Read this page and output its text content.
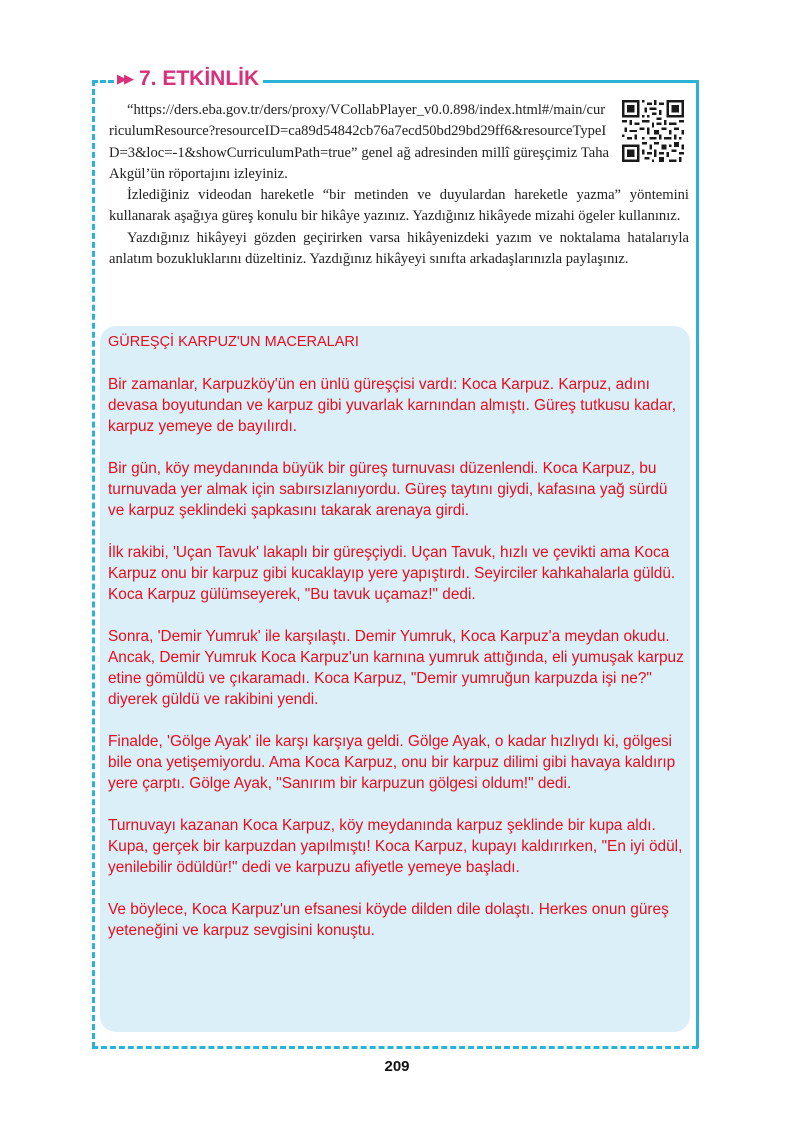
▶▶ 7. ETKİNLİK

“https://ders.eba.gov.tr/ders/proxy/VCollabPlayer_v0.0.898/index.html#/main/curriculumResource?resourceID=ca89d54842cb76a7ecd50bd29bd29ff6&resourceTypeID=3&loc=-1&showCurriculumPath=true” genel ağ adresinden millî güreşçimiz Taha Akgül’ün röportajını izleyiniz.

İzlediğiniz videodan hareketle “bir metinden ve duyulardan hareketle yazma” yöntemini kullanarak aşağıya güreş konulu bir hikâye yazınız. Yazdığınız hikâyede mizahi ögeler kullanınız.

Yazdığınız hikâyeyi gözden geçirirken varsa hikâyenizdeki yazım ve noktalama hatalarıyla anlatım bozukluklarını düzeltiniz. Yazdığınız hikâyeyi sınıfta arkadaşlarınızla paylaşınız.

GÜREŞÇİ KARPUZ'UN MACERALARI

Bir zamanlar, Karpuzköy'ün en ünlü güreşçisi vardı: Koca Karpuz. Karpuz, adını devasa boyutundan ve karpuz gibi yuvarlak karnından almıştı. Güreş tutkusu kadar, karpuz yemeye de bayılırdı.

Bir gün, köy meydanında büyük bir güreş turnuvası düzenlendi. Koca Karpuz, bu turnuvada yer almak için sabırsızlanıyordu. Güreş taytını giydi, kafasına yağ sürdü ve karpuz şeklindeki şapkasını takarak arenaya girdi.

İlk rakibi, 'Uçan Tavuk' lakaplı bir güreşçiydi. Uçan Tavuk, hızlı ve çevikti ama Koca Karpuz onu bir karpuz gibi kucaklayıp yere yapıştırdı. Seyirciler kahkahalarla güldü. Koca Karpuz gülümseyerek, "Bu tavuk uçamaz!" dedi.

Sonra, 'Demir Yumruk' ile karşılaştı. Demir Yumruk, Koca Karpuz'a meydan okudu. Ancak, Demir Yumruk Koca Karpuz'un karnına yumruk attığında, eli yumuşak karpuz etine gömüldü ve çıkaramadı. Koca Karpuz, "Demir yumruğun karpuzda işi ne?" diyerek güldü ve rakibini yendi.

Finalde, 'Gölge Ayak' ile karşı karşıya geldi. Gölge Ayak, o kadar hızlıydı ki, gölgesi bile ona yetişemiyordu. Ama Koca Karpuz, onu bir karpuz dilimi gibi havaya kaldırıp yere çarptı. Gölge Ayak, "Sanırım bir karpuzun gölgesi oldum!" dedi.

Turnuvayı kazanan Koca Karpuz, köy meydanında karpuz şeklinde bir kupa aldı. Kupa, gerçek bir karpuzdan yapılmıştı! Koca Karpuz, kupayı kaldırırken, "En iyi ödül, yenilebilir ödüldür!" dedi ve karpuzu afiyetle yemeye başladı.

Ve böylece, Koca Karpuz'un efsanesi köyde dilden dile dolaştı. Herkes onun güreş yeteneğini ve karpuz sevgisini konuştu.

209
